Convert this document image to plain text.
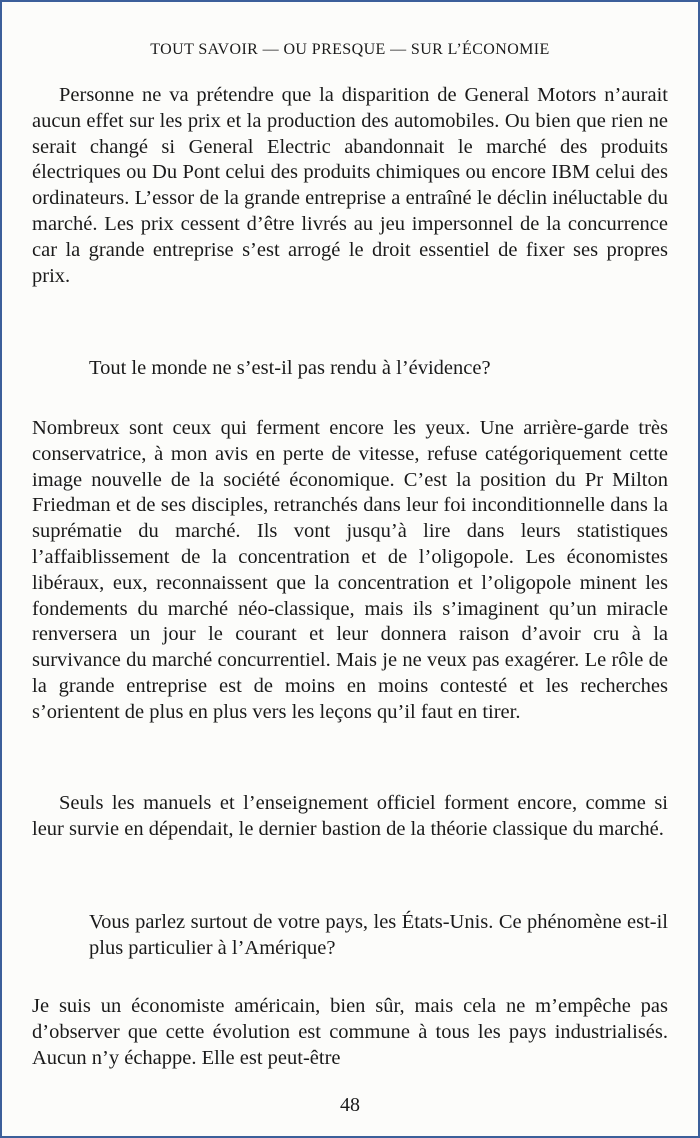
TOUT SAVOIR — OU PRESQUE — SUR L’ÉCONOMIE

Personne ne va prétendre que la disparition de General Motors n’aurait aucun effet sur les prix et la production des automobiles. Ou bien que rien ne serait changé si General Electric abandonnait le marché des produits électriques ou Du Pont celui des produits chimiques ou encore IBM celui des ordinateurs. L’essor de la grande entreprise a entraîné le déclin inéluctable du marché. Les prix cessent d’être livrés au jeu impersonnel de la concurrence car la grande entreprise s’est arrogé le droit essentiel de fixer ses propres prix.

Tout le monde ne s’est-il pas rendu à l’évidence?

Nombreux sont ceux qui ferment encore les yeux. Une arrière-garde très conservatrice, à mon avis en perte de vitesse, refuse catégoriquement cette image nouvelle de la société économique. C’est la position du Pr Milton Friedman et de ses disciples, retranchés dans leur foi inconditionnelle dans la suprématie du marché. Ils vont jusqu’à lire dans leurs statistiques l’affaiblissement de la concentration et de l’oligopole. Les économistes libéraux, eux, reconnaissent que la concentration et l’oligopole minent les fondements du marché néo-classique, mais ils s’imaginent qu’un miracle renversera un jour le courant et leur donnera raison d’avoir cru à la survivance du marché concurrentiel. Mais je ne veux pas exagérer. Le rôle de la grande entreprise est de moins en moins contesté et les recherches s’orientent de plus en plus vers les leçons qu’il faut en tirer.

Seuls les manuels et l’enseignement officiel forment encore, comme si leur survie en dépendait, le dernier bastion de la théorie classique du marché.

Vous parlez surtout de votre pays, les États-Unis. Ce phénomène est-il plus particulier à l’Amérique?

Je suis un économiste américain, bien sûr, mais cela ne m’empêche pas d’observer que cette évolution est commune à tous les pays industrialisés. Aucun n’y échappe. Elle est peut-être

48
